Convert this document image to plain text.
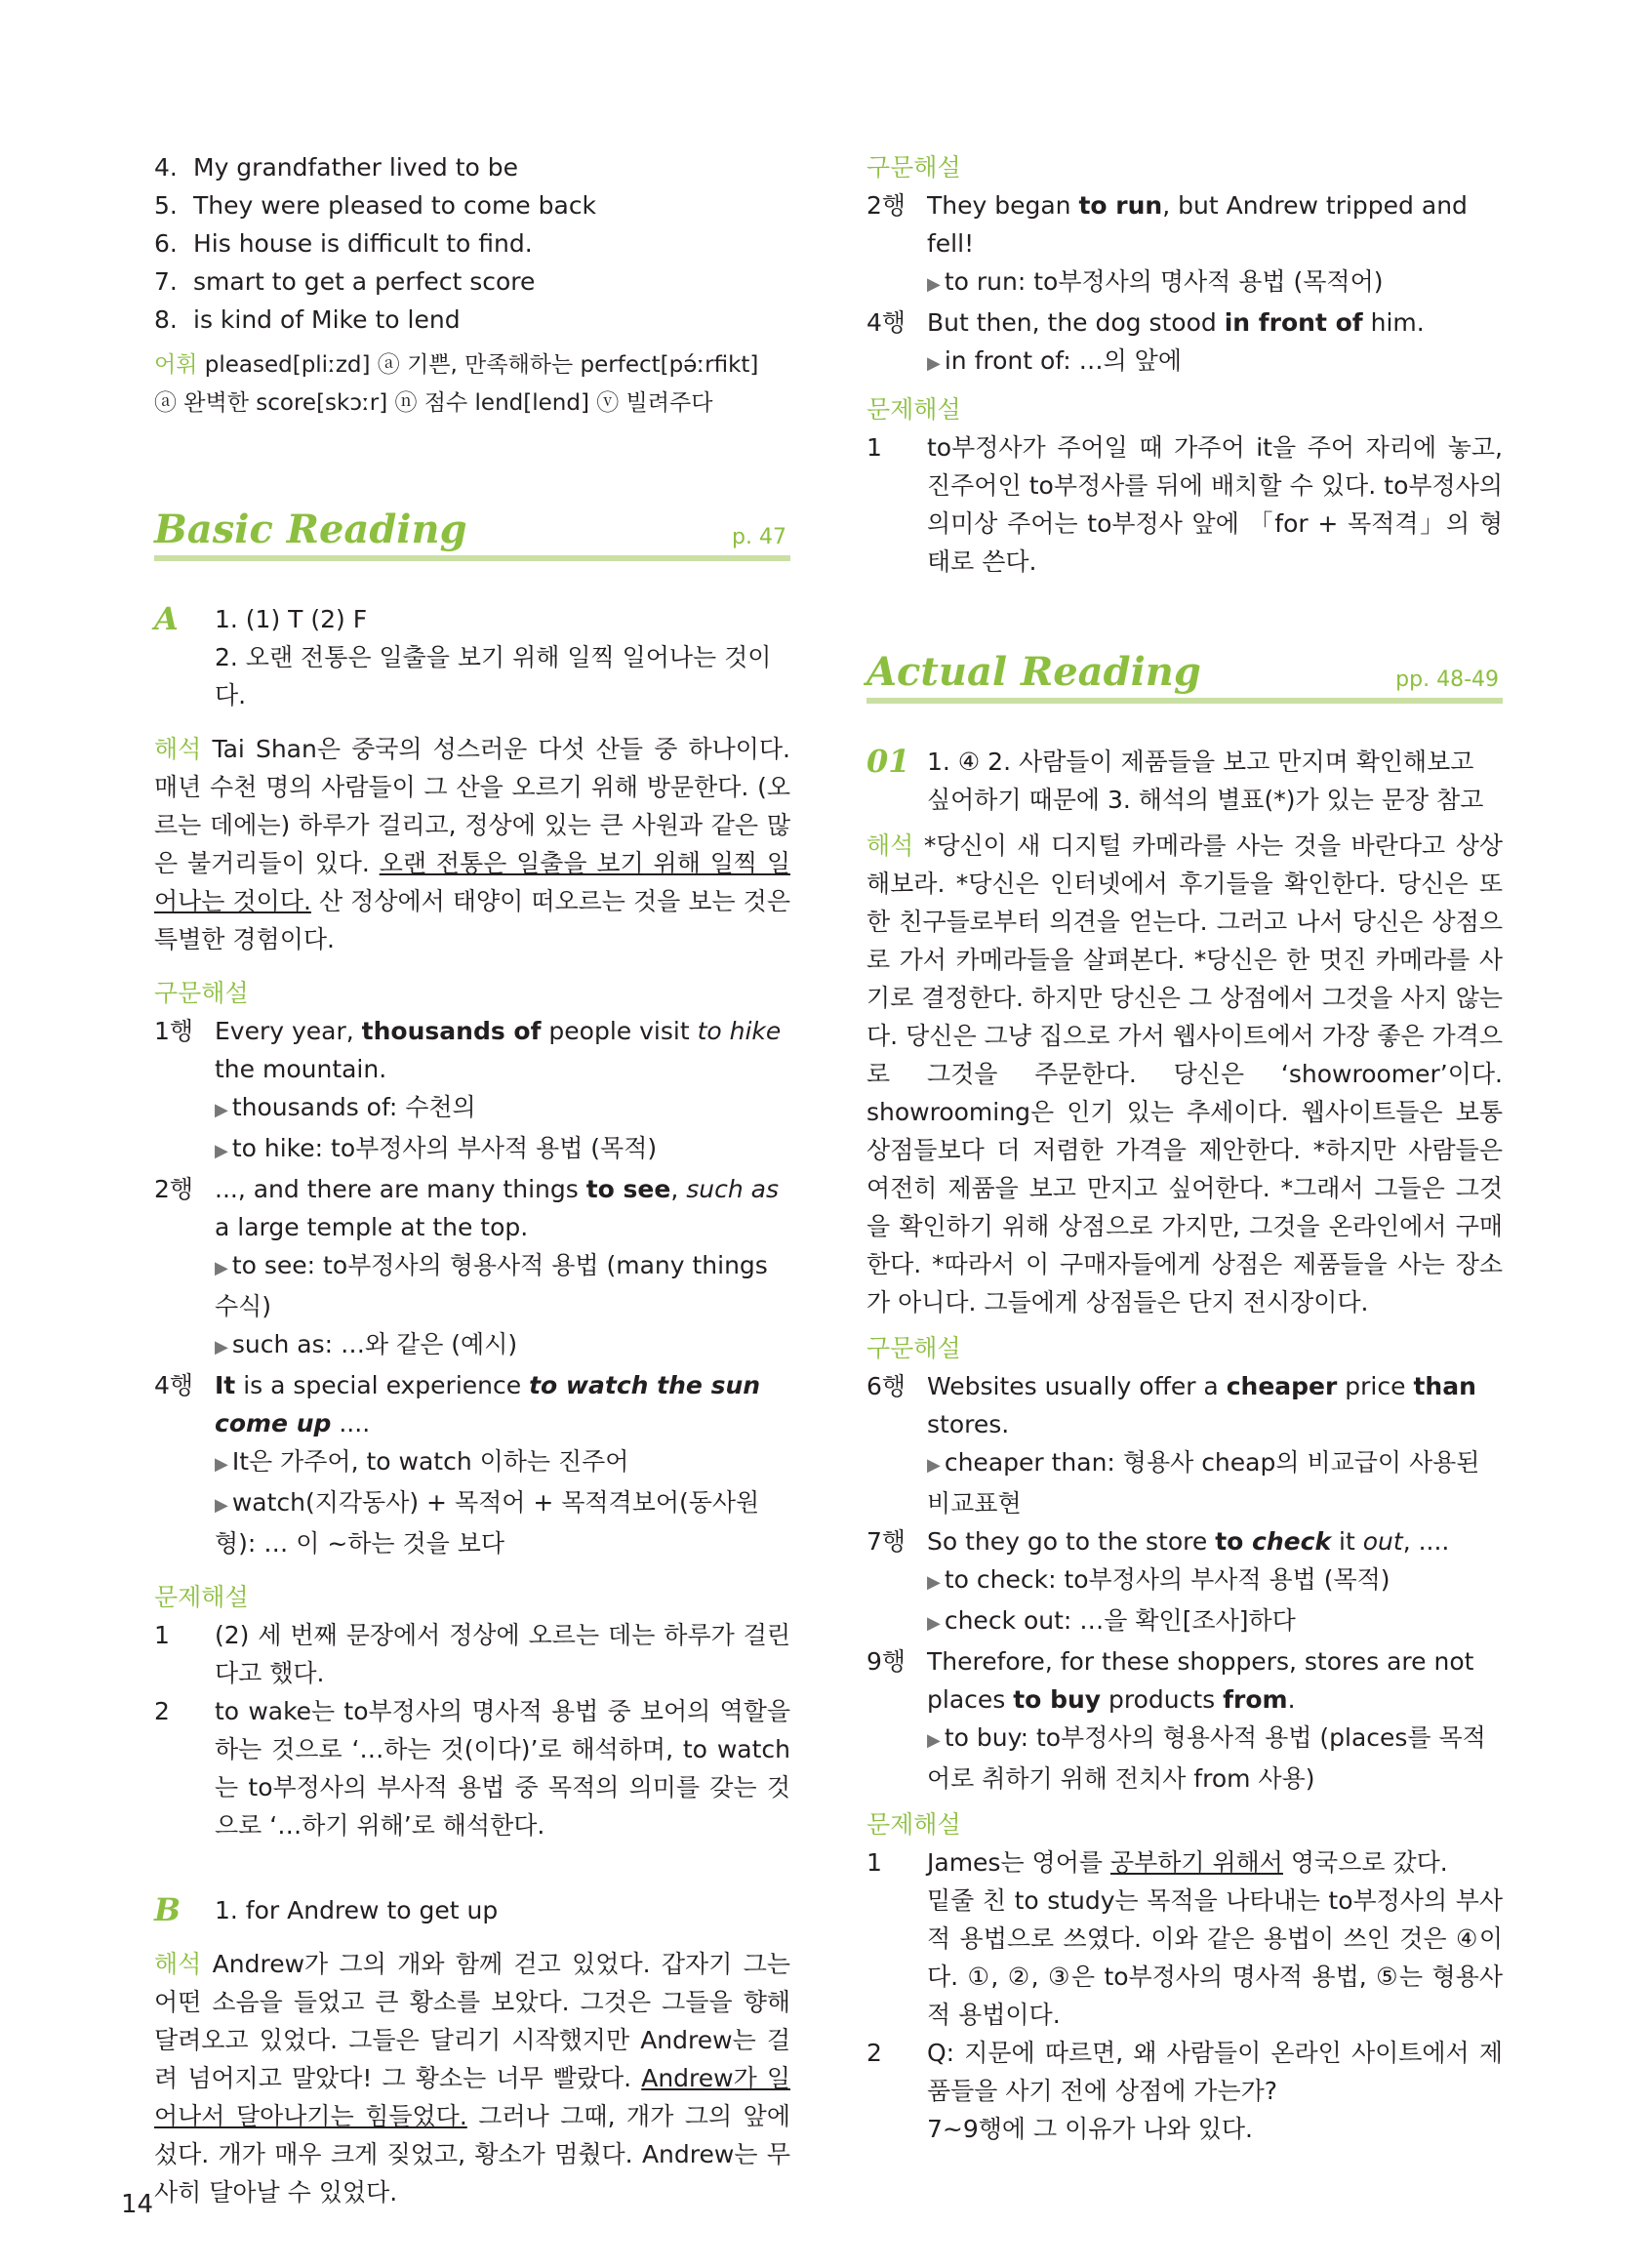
4. My grandfather lived to be
5. They were pleased to come back
6. His house is difficult to find.
7. smart to get a perfect score
8. is kind of Mike to lend
어휘 pleased[pliːzd] ⓐ 기쁜, 만족해하는 perfect[pə́ːrfikt]
ⓐ 완벽한 score[skɔːr] ⓝ 점수 lend[lend] ⓥ 빌려주다
Basic Reading	p. 47
A	1. (1) T (2) F
2. 오랜 전통은 일출을 보기 위해 일찍 일어나는 것이다.
해석 Tai Shan은 중국의 성스러운 다섯 산들 중 하나이다. 매년 수천 명의 사람들이 그 산을 오르기 위해 방문한다. (오르는 데에는) 하루가 걸리고, 정상에 있는 큰 사원과 같은 많은 불거리들이 있다. 오랜 전통은 일출을 보기 위해 일찍 일어나는 것이다. 산 정상에서 태양이 떠오르는 것을 보는 것은 특별한 경험이다.
구문해설
1행 Every year, thousands of people visit to hike the mountain.
▶ thousands of: 수천의
▶ to hike: to부정사의 부사적 용법 (목적)
2행 ..., and there are many things to see, such as a large temple at the top.
▶ to see: to부정사의 형용사적 용법 (many things 수식)
▶ such as: …와 같은 (예시)
4행 It is a special experience to watch the sun come up ....
▶ It은 가주어, to watch 이하는 진주어
▶ watch(지각동사) + 목적어 + 목적격보어(동사원형): … 이 ~하는 것을 보다
문제해설
1	(2) 세 번째 문장에서 정상에 오르는 데는 하루가 걸린다고 했다.
2	to wake는 to부정사의 명사적 용법 중 보어의 역할을 하는 것으로 ‘…하는 것(이다)’로 해석하며, to watch는 to부정사의 부사적 용법 중 목적의 의미를 갖는 것으로 ‘…하기 위해’로 해석한다.
B	1. for Andrew to get up
해석 Andrew가 그의 개와 함께 걷고 있었다. 갑자기 그는 어떤 소음을 들었고 큰 황소를 보았다. 그것은 그들을 향해 달려오고 있었다. 그들은 달리기 시작했지만 Andrew는 걸려 넘어지고 말았다! 그 황소는 너무 빨랐다. Andrew가 일어나서 달아나기는 힘들었다. 그러나 그때, 개가 그의 앞에 섰다. 개가 매우 크게 짖었고, 황소가 멈췄다. Andrew는 무사히 달아날 수 있었다.
14
구문해설
2행 They began to run, but Andrew tripped and fell!
▶ to run: to부정사의 명사적 용법 (목적어)
4행 But then, the dog stood in front of him.
▶ in front of: …의 앞에
문제해설
1	to부정사가 주어일 때 가주어 it을 주어 자리에 놓고, 진주어인 to부정사를 뒤에 배치할 수 있다. to부정사의 의미상 주어는 to부정사 앞에 「for + 목적격」의 형태로 쓴다.
Actual Reading	pp. 48-49
01 1. ④ 2. 사람들이 제품들을 보고 만지며 확인해보고 싶어하기 때문에 3. 해석의 별표(*)가 있는 문장 참고
해석 *당신이 새 디지털 카메라를 사는 것을 바란다고 상상해보라. *당신은 인터넷에서 후기들을 확인한다. 당신은 또한 친구들로부터 의견을 얻는다. 그러고 나서 당신은 상점으로 가서 카메라들을 살펴본다. *당신은 한 멋진 카메라를 사기로 결정한다. 하지만 당신은 그 상점에서 그것을 사지 않는다. 당신은 그냥 집으로 가서 웹사이트에서 가장 좋은 가격으로 그것을 주문한다. 당신은 ‘showroomer’이다. showrooming은 인기 있는 추세이다. 웹사이트들은 보통 상점들보다 더 저렴한 가격을 제안한다. *하지만 사람들은 여전히 제품을 보고 만지고 싶어한다. *그래서 그들은 그것을 확인하기 위해 상점으로 가지만, 그것을 온라인에서 구매한다. *따라서 이 구매자들에게 상점은 제품들을 사는 장소가 아니다. 그들에게 상점들은 단지 전시장이다.
구문해설
6행 Websites usually offer a cheaper price than stores.
▶ cheaper than: 형용사 cheap의 비교급이 사용된 비교표현
7행 So they go to the store to check it out, ....
▶ to check: to부정사의 부사적 용법 (목적)
▶ check out: …을 확인[조사]하다
9행 Therefore, for these shoppers, stores are not places to buy products from.
▶ to buy: to부정사의 형용사적 용법 (places를 목적어로 취하기 위해 전치사 from 사용)
문제해설
1	James는 영어를 공부하기 위해서 영국으로 갔다.
밑줄 친 to study는 목적을 나타내는 to부정사의 부사적 용법으로 쓰였다. 이와 같은 용법이 쓰인 것은 ④이다. ①, ②, ③은 to부정사의 명사적 용법, ⑤는 형용사적 용법이다.
2	Q: 지문에 따르면, 왜 사람들이 온라인 사이트에서 제품들을 사기 전에 상점에 가는가?
7~9행에 그 이유가 나와 있다.
